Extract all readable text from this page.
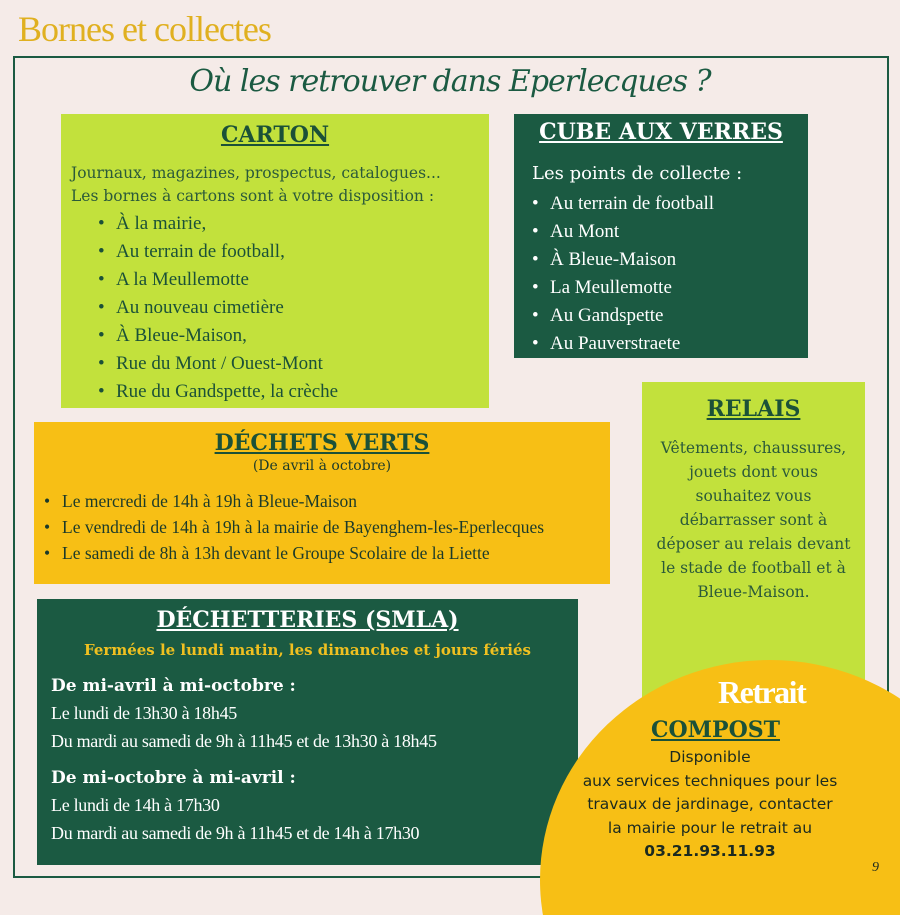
Bornes et collectes
Où les retrouver dans Eperlecques ?
CARTON
Journaux, magazines, prospectus, catalogues...
Les bornes à cartons sont à votre disposition :
• À la mairie,
• Au terrain de football,
• A la Meullemotte
• Au nouveau cimetière
• À Bleue-Maison,
• Rue du Mont / Ouest-Mont
• Rue du Gandspette, la crèche
CUBE AUX VERRES
Les points de collecte :
• Au terrain de football
• Au Mont
• À Bleue-Maison
• La Meullemotte
• Au Gandspette
• Au Pauverstraete
RELAIS
Vêtements, chaussures,
jouets dont vous
souhaitez vous
débarrasser sont à
déposer au relais devant
le stade de football et à
Bleue-Maison.
DÉCHETS VERTS
(De avril à octobre)
• Le mercredi de 14h à 19h à Bleue-Maison
• Le vendredi de 14h à 19h à la mairie de Bayenghem-les-Eperlecques
• Le samedi de 8h à 13h devant le Groupe Scolaire de la Liette
DÉCHETTERIES (SMLA)
Fermées le lundi matin, les dimanches et jours fériés
De mi-avril à mi-octobre :
Le lundi de 13h30 à 18h45
Du mardi au samedi de 9h à 11h45 et de 13h30 à 18h45
De mi-octobre à mi-avril :
Le lundi de 14h à 17h30
Du mardi au samedi de 9h à 11h45 et de 14h à 17h30
Retrait
COMPOST
Disponible
aux services techniques pour les
travaux de jardinage, contacter
la mairie pour le retrait au
03.21.93.11.93
9
